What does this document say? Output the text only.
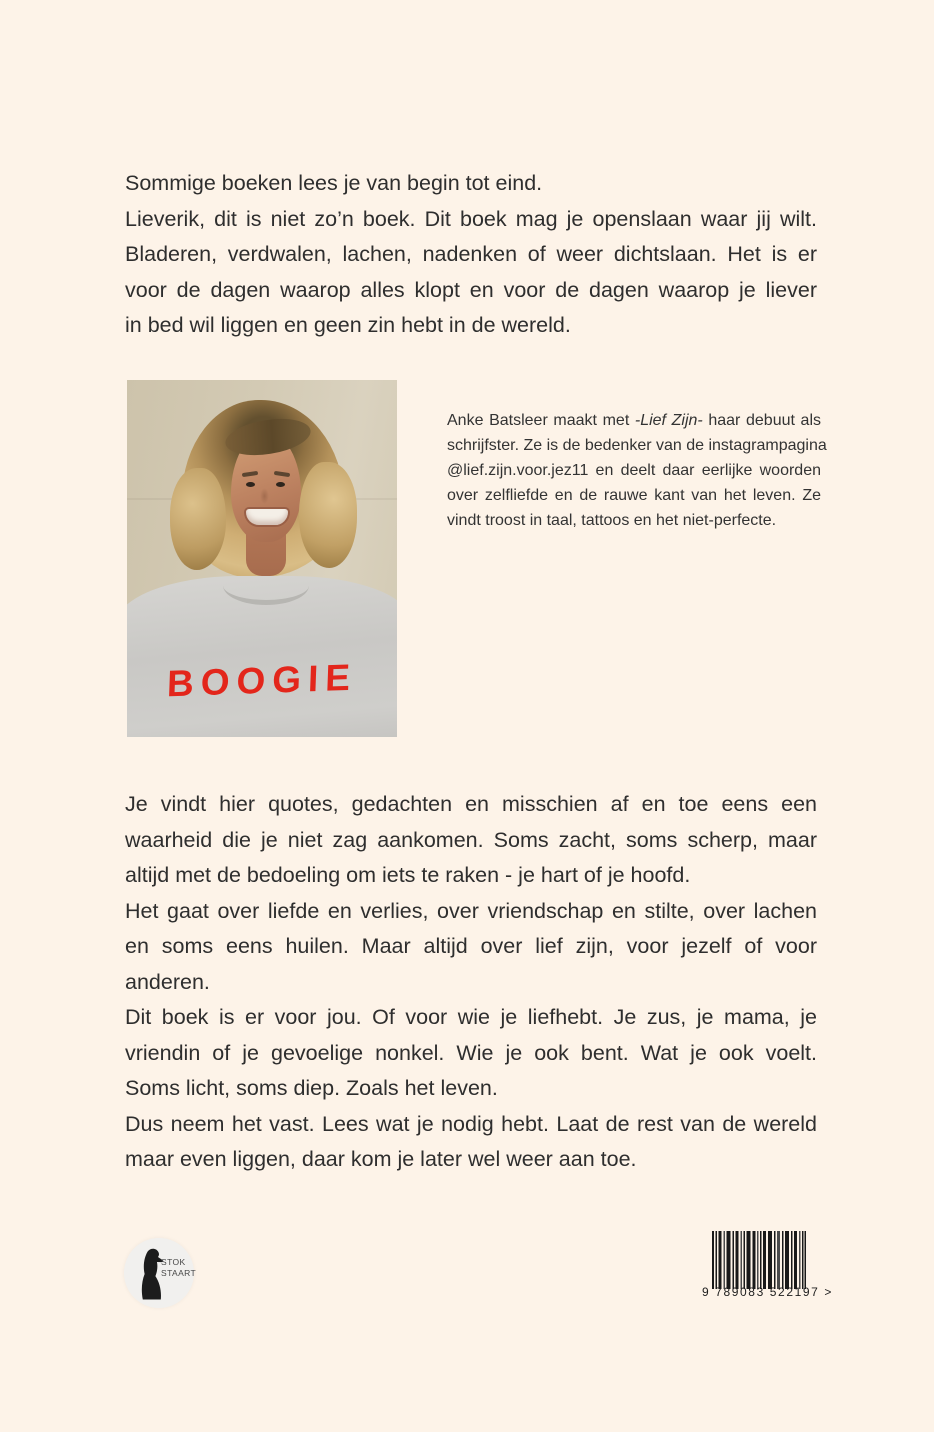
Sommige boeken lees je van begin tot eind.
Lieverik, dit is niet zo’n boek. Dit boek mag je openslaan waar jij wilt.
Bladeren, verdwalen, lachen, nadenken of weer dichtslaan. Het is er
voor de dagen waarop alles klopt en voor de dagen waarop je liever
in bed wil liggen en geen zin hebt in de wereld.
BOOGIE
Anke Batsleer maakt met -Lief Zijn- haar debuut als
schrijfster. Ze is de bedenker van de instagrampagina
@lief.zijn.voor.jez11 en deelt daar eerlijke woorden
over zelfliefde en de rauwe kant van het leven. Ze
vindt troost in taal, tattoos en het niet-perfecte.
Je vindt hier quotes, gedachten en misschien af en toe eens een
waarheid die je niet zag aankomen. Soms zacht, soms scherp, maar
altijd met de bedoeling om iets te raken - je hart of je hoofd.
Het gaat over liefde en verlies, over vriendschap en stilte, over lachen
en soms eens huilen. Maar altijd over lief zijn, voor jezelf of voor
anderen.
Dit boek is er voor jou. Of voor wie je liefhebt. Je zus, je mama, je
vriendin of je gevoelige nonkel. Wie je ook bent. Wat je ook voelt.
Soms licht, soms diep. Zoals het leven.
Dus neem het vast. Lees wat je nodig hebt. Laat de rest van de wereld
maar even liggen, daar kom je later wel weer aan toe.
STOK
STAART
9 789083 522197 >
